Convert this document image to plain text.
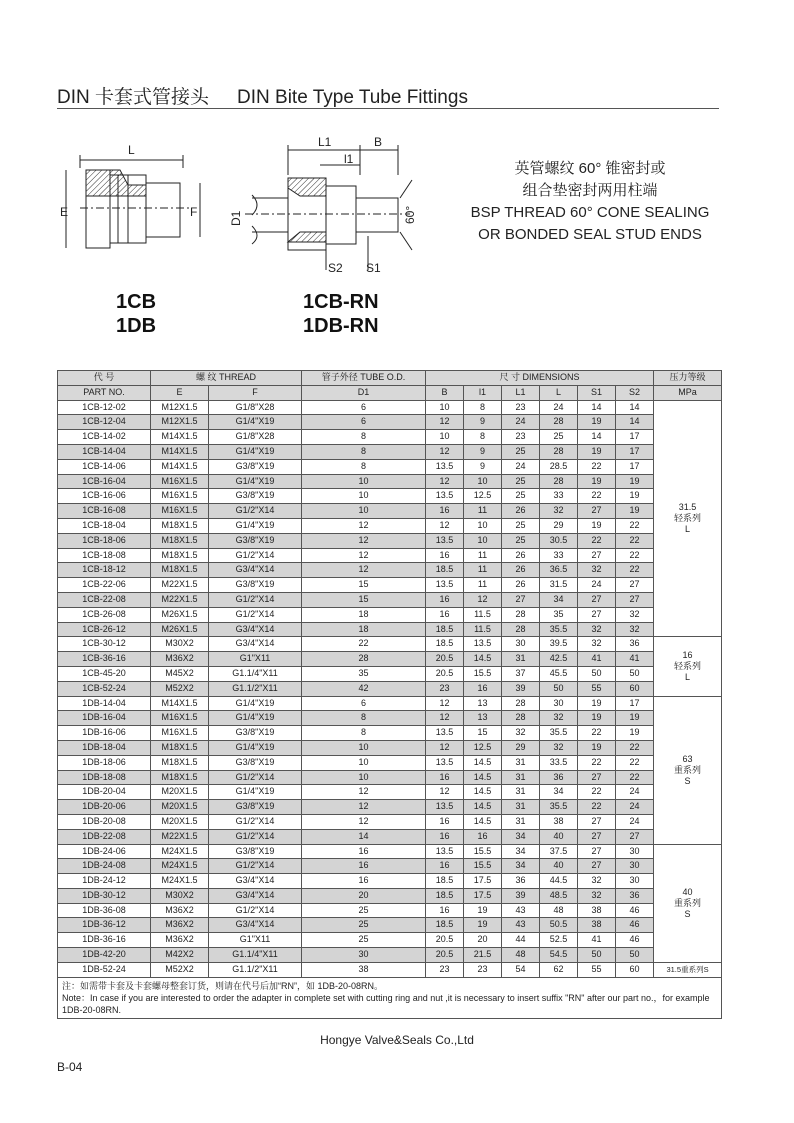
DIN 卡套式管接头 DIN Bite Type Tube Fittings
L
E	F
L1	B
l1
D1	60°
S2 S1
英管螺纹 60° 锥密封或
组合垫密封两用柱端
BSP THREAD 60° CONE SEALING
OR BONDED SEAL STUD ENDS
1CB
1DB
1CB-RN
1DB-RN
代 号	螺 纹 THREAD		管子外径 TUBE O.D.	尺 寸 DIMENSIONS						压力等级
PART NO.	E	F	D1	B	l1	L1	L	S1	S2	MPa
1CB-12-02	M12X1.5	G1/8"X28	6	10	8	23	24	14	14	31.5
轻系列
L

1CB-12-04	M12X1.5	G1/4"X19	6	12	9	24	28	19	14	
1CB-14-02	M14X1.5	G1/8"X28	8	10	8	23	25	14	17	
1CB-14-04	M14X1.5	G1/4"X19	8	12	9	25	28	19	17	
1CB-14-06	M14X1.5	G3/8"X19	8	13.5	9	24	28.5	22	17	
1CB-16-04	M16X1.5	G1/4"X19	10	12	10	25	28	19	19	
1CB-16-06	M16X1.5	G3/8"X19	10	13.5	12.5	25	33	22	19	
1CB-16-08	M16X1.5	G1/2"X14	10	16	11	26	32	27	19	
1CB-18-04	M18X1.5	G1/4"X19	12	12	10	25	29	19	22	
1CB-18-06	M18X1.5	G3/8"X19	12	13.5	10	25	30.5	22	22	
1CB-18-08	M18X1.5	G1/2"X14	12	16	11	26	33	27	22	
1CB-18-12	M18X1.5	G3/4"X14	12	18.5	11	26	36.5	32	22	
1CB-22-06	M22X1.5	G3/8"X19	15	13.5	11	26	31.5	24	27	
1CB-22-08	M22X1.5	G1/2"X14	15	16	12	27	34	27	27	
1CB-26-08	M26X1.5	G1/2"X14	18	16	11.5	28	35	27	32	
1CB-26-12	M26X1.5	G3/4"X14	18	18.5	11.5	28	35.5	32	32	
1CB-30-12	M30X2	G3/4"X14	22	18.5	13.5	30	39.5	32	36	16
轻系列
L

1CB-36-16	M36X2	G1"X11	28	20.5	14.5	31	42.5	41	41	
1CB-45-20	M45X2	G1.1/4"X11	35	20.5	15.5	37	45.5	50	50	
1CB-52-24	M52X2	G1.1/2"X11	42	23	16	39	50	55	60	
1DB-14-04	M14X1.5	G1/4"X19	6	12	13	28	30	19	17	63
重系列
S

1DB-16-04	M16X1.5	G1/4"X19	8	12	13	28	32	19	19	
1DB-16-06	M16X1.5	G3/8"X19	8	13.5	15	32	35.5	22	19	
1DB-18-04	M18X1.5	G1/4"X19	10	12	12.5	29	32	19	22	
1DB-18-06	M18X1.5	G3/8"X19	10	13.5	14.5	31	33.5	22	22	
1DB-18-08	M18X1.5	G1/2"X14	10	16	14.5	31	36	27	22	
1DB-20-04	M20X1.5	G1/4"X19	12	12	14.5	31	34	22	24	
1DB-20-06	M20X1.5	G3/8"X19	12	13.5	14.5	31	35.5	22	24	
1DB-20-08	M20X1.5	G1/2"X14	12	16	14.5	31	38	27	24	
1DB-22-08	M22X1.5	G1/2"X14	14	16	16	34	40	27	27	
1DB-24-06	M24X1.5	G3/8"X19	16	13.5	15.5	34	37.5	27	30	40
重系列
S

1DB-24-08	M24X1.5	G1/2"X14	16	16	15.5	34	40	27	30	
1DB-24-12	M24X1.5	G3/4"X14	16	18.5	17.5	36	44.5	32	30	
1DB-30-12	M30X2	G3/4"X14	20	18.5	17.5	39	48.5	32	36	
1DB-36-08	M36X2	G1/2"X14	25	16	19	43	48	38	46	
1DB-36-12	M36X2	G3/4"X14	25	18.5	19	43	50.5	38	46	
1DB-36-16	M36X2	G1"X11	25	20.5	20	44	52.5	41	46	
1DB-42-20	M42X2	G1.1/4"X11	30	20.5	21.5	48	54.5	50	50	
1DB-52-24	M52X2	G1.1/2"X11	38	23	23	54	62	55	60	31.5重系列S

注：如需带卡套及卡套螺母整套订货，则请在代号后加“RN”，如 1DB-20-08RN。
Note：In case if you are interested to order the adapter in complete set with cutting ring and nut ,it is necessary to insert suffix "RN" after our part no.，for example 1DB-20-08RN.										
Hongye Valve&Seals Co.,Ltd
B-04
